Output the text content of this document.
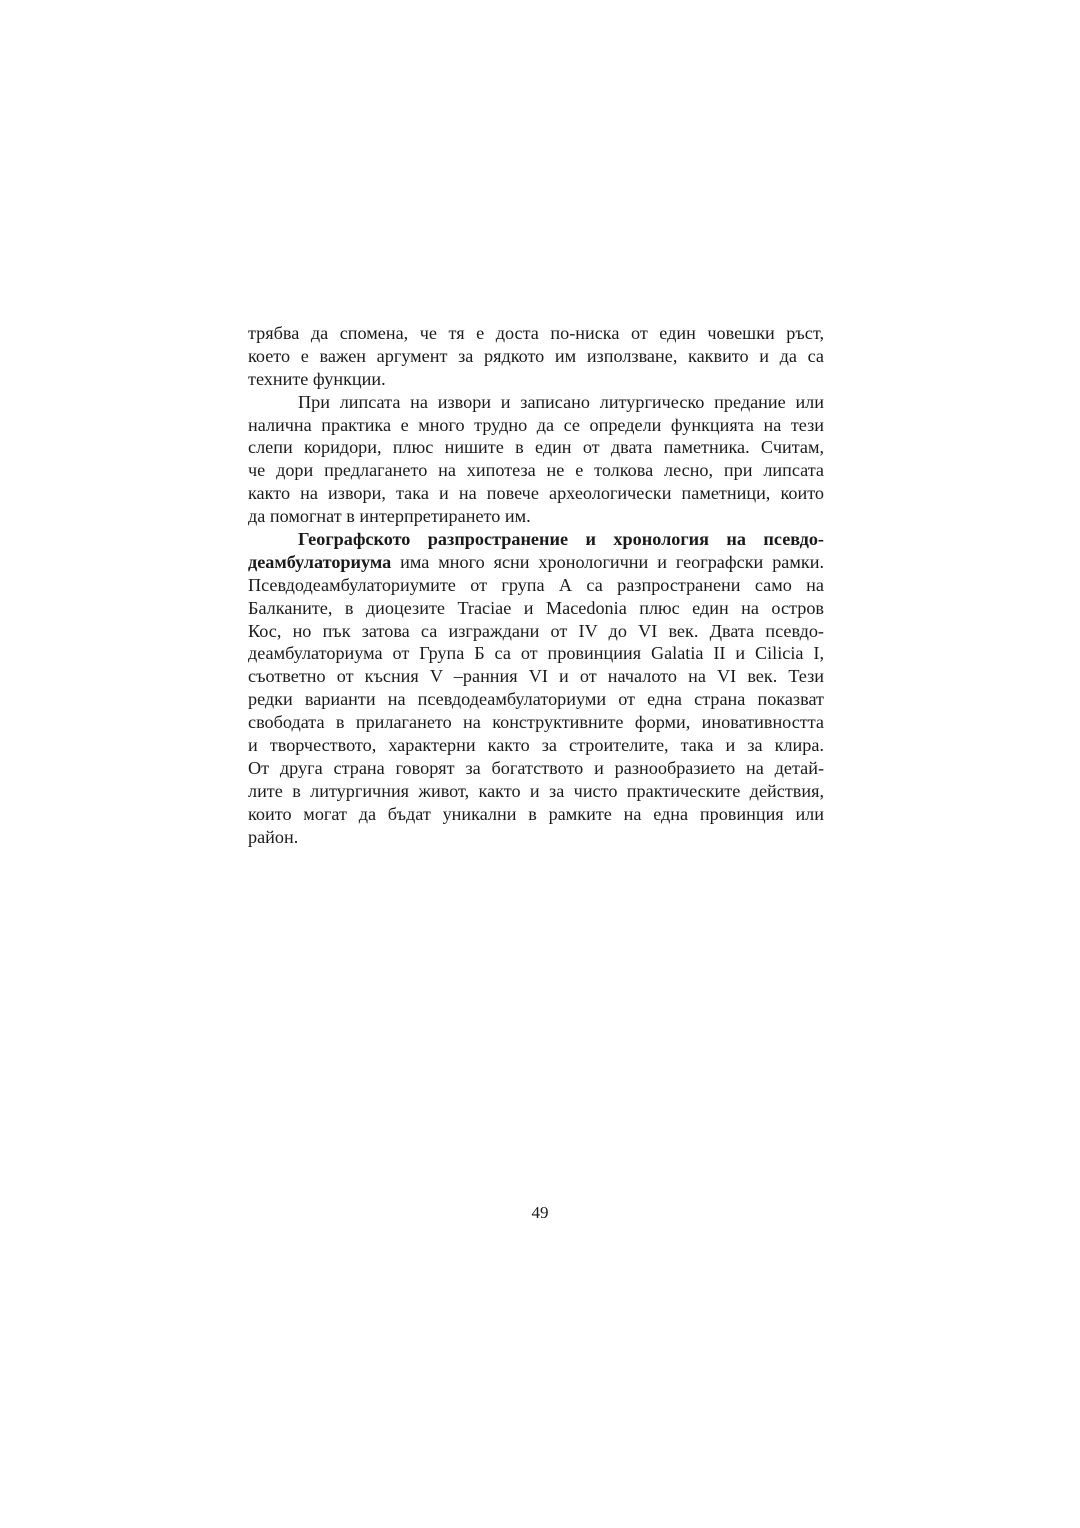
трябва да спомена, че тя е доста по-ниска от един човешки ръст,
което е важен аргумент за рядкото им използване, каквито и да са
техните функции.
При липсата на извори и записано литургическо предание или
налична практика е много трудно да се определи функцията на тези
слепи коридори, плюс нишите в един от двата паметника. Считам,
че дори предлагането на хипотеза не е толкова лесно, при липсата
както на извори, така и на повече археологически паметници, които
да помогнат в интерпретирането им.
Географското разпространение и хронология на псевдо-
деамбулаториума има много ясни хронологични и географски рамки.
Псевдодеамбулаториумите от група А са разпространени само на
Балканите, в диоцезите Traciae и Macedonia плюс един на остров
Кос, но пък затова са изграждани от IV до VI век. Двата псевдо-
деамбулаториума от Група Б са от провинциия Galatia II и Cilicia I,
съответно от късния V –ранния VI и от началото на VI век. Тези
редки варианти на псевдодеамбулаториуми от една страна показват
свободата в прилагането на конструктивните форми, иновативността
и творчеството, характерни както за строителите, така и за клира.
От друга страна говорят за богатството и разнообразието на детай-
лите в литургичния живот, както и за чисто практическите действия,
които могат да бъдат уникални в рамките на една провинция или
район.
49
